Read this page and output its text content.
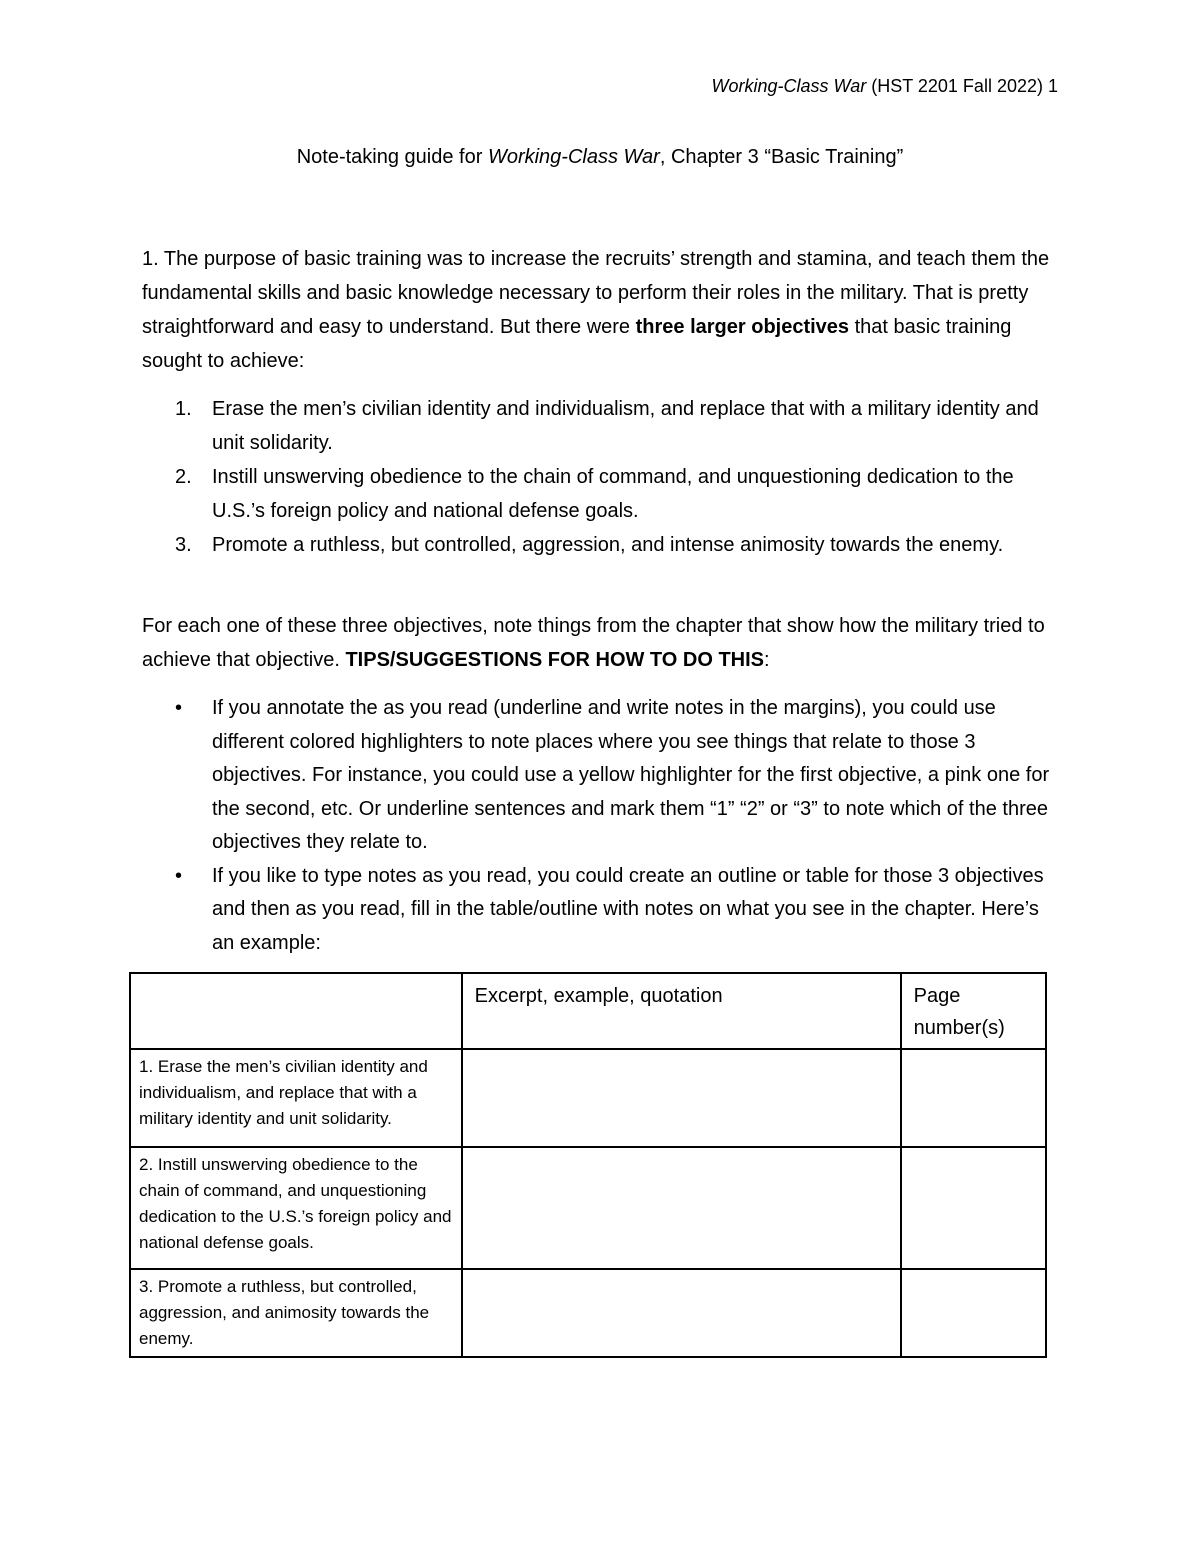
Working-Class War (HST 2201 Fall 2022) 1
Note-taking guide for Working-Class War, Chapter 3 “Basic Training”
1. The purpose of basic training was to increase the recruits’ strength and stamina, and teach them the fundamental skills and basic knowledge necessary to perform their roles in the military. That is pretty straightforward and easy to understand. But there were three larger objectives that basic training sought to achieve:
1. Erase the men’s civilian identity and individualism, and replace that with a military identity and unit solidarity.
2. Instill unswerving obedience to the chain of command, and unquestioning dedication to the U.S.’s foreign policy and national defense goals.
3. Promote a ruthless, but controlled, aggression, and intense animosity towards the enemy.
For each one of these three objectives, note things from the chapter that show how the military tried to achieve that objective. TIPS/SUGGESTIONS FOR HOW TO DO THIS:
• If you annotate the as you read (underline and write notes in the margins), you could use different colored highlighters to note places where you see things that relate to those 3 objectives. For instance, you could use a yellow highlighter for the first objective, a pink one for the second, etc. Or underline sentences and mark them “1” “2” or “3” to note which of the three objectives they relate to.
• If you like to type notes as you read, you could create an outline or table for those 3 objectives and then as you read, fill in the table/outline with notes on what you see in the chapter. Here’s an example:
	Excerpt, example, quotation	Page number(s)
1. Erase the men’s civilian identity and individualism, and replace that with a military identity and unit solidarity.		
2. Instill unswerving obedience to the chain of command, and unquestioning dedication to the U.S.’s foreign policy and national defense goals.		
3. Promote a ruthless, but controlled, aggression, and animosity towards the enemy.		
